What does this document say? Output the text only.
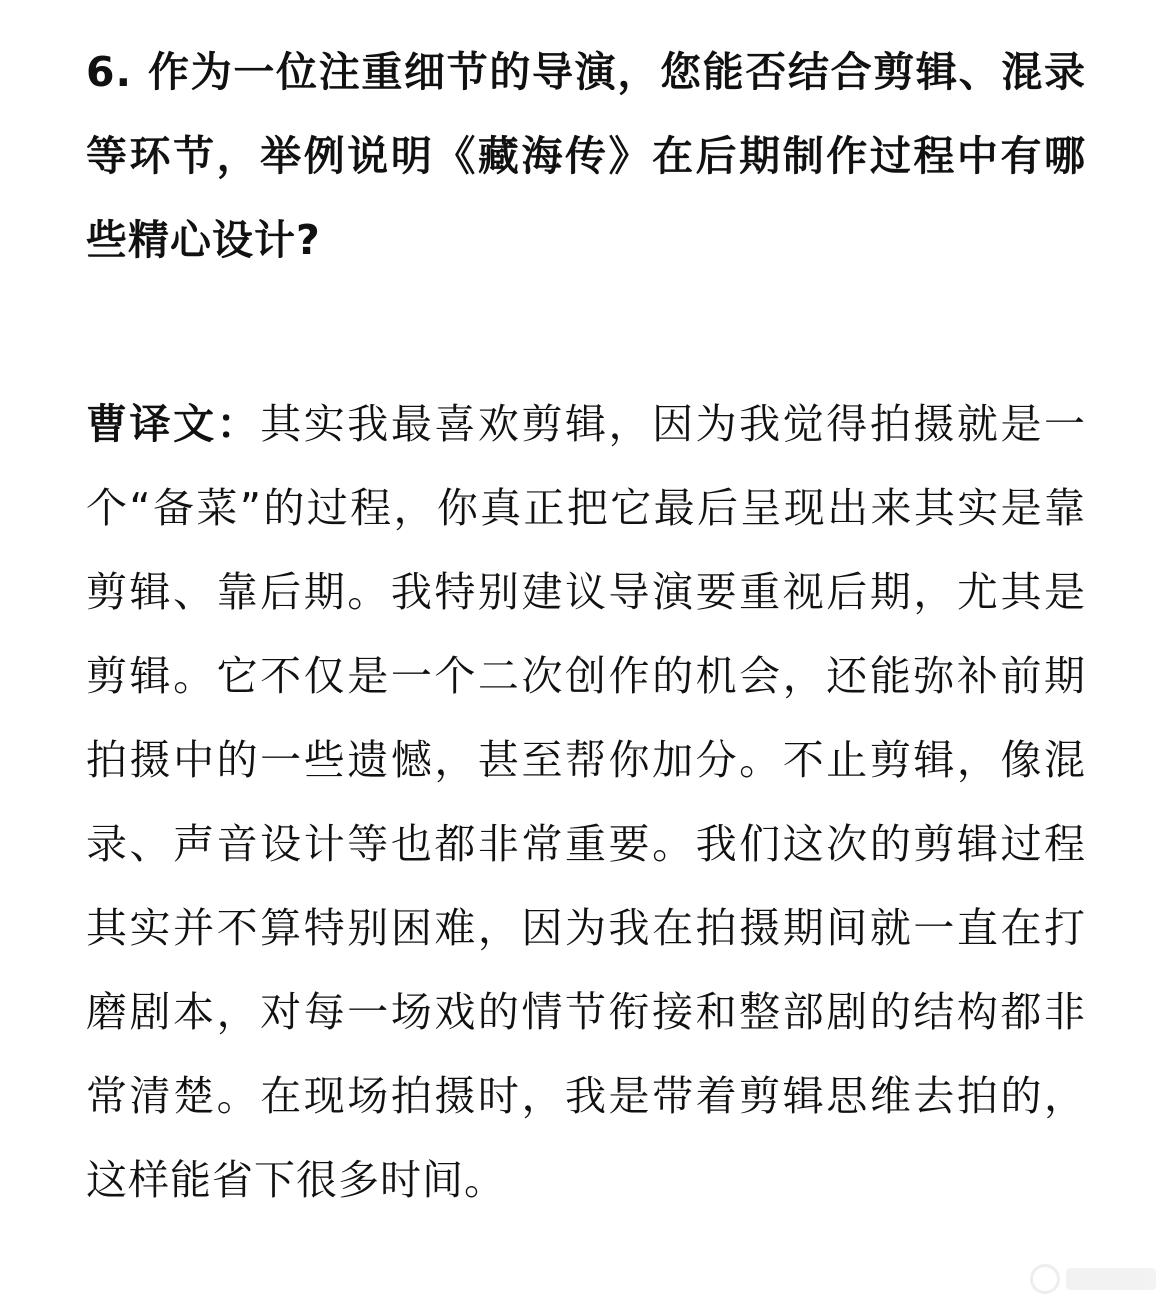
6. 作为一位注重细节的导演，您能否结合剪辑、混录等环节，举例说明《藏海传》在后期制作过程中有哪些精心设计?

曹译文：其实我最喜欢剪辑，因为我觉得拍摄就是一个“备菜”的过程，你真正把它最后呈现出来其实是靠剪辑、靠后期。我特别建议导演要重视后期，尤其是剪辑。它不仅是一个二次创作的机会，还能弥补前期拍摄中的一些遗憾，甚至帮你加分。不止剪辑，像混录、声音设计等也都非常重要。我们这次的剪辑过程其实并不算特别困难，因为我在拍摄期间就一直在打磨剧本，对每一场戏的情节衔接和整部剧的结构都非常清楚。在现场拍摄时，我是带着剪辑思维去拍的，这样能省下很多时间。
